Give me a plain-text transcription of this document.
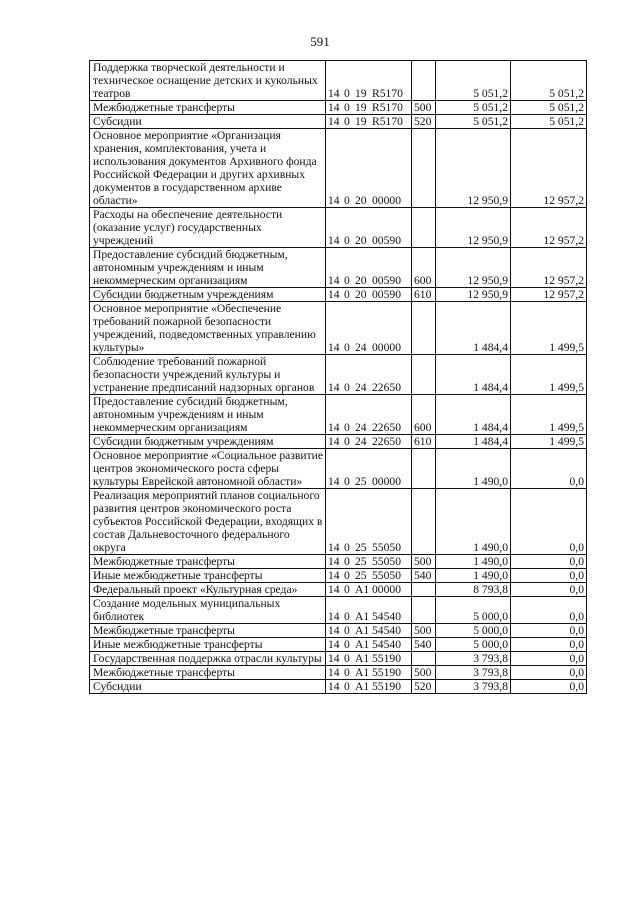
591
Поддержка творческой деятельности и техническое оснащение детских и кукольных театров	14 0 19 R5170		5 051,2	5 051,2
Межбюджетные трансферты	14 0 19 R5170	500	5 051,2	5 051,2
Субсидии	14 0 19 R5170	520	5 051,2	5 051,2
Основное мероприятие «Организация хранения, комплектования, учета и использования документов Архивного фонда Российской Федерации и других архивных документов в государственном архиве области»	14 0 20 00000		12 950,9	12 957,2
Расходы на обеспечение деятельности (оказание услуг) государственных учреждений	14 0 20 00590		12 950,9	12 957,2
Предоставление субсидий бюджетным, автономным учреждениям и иным некоммерческим организациям	14 0 20 00590	600	12 950,9	12 957,2
Субсидии бюджетным учреждениям	14 0 20 00590	610	12 950,9	12 957,2
Основное мероприятие «Обеспечение требований пожарной безопасности учреждений, подведомственных управлению культуры»	14 0 24 00000		1 484,4	1 499,5
Соблюдение требований пожарной безопасности учреждений культуры и устранение предписаний надзорных органов	14 0 24 22650		1 484,4	1 499,5
Предоставление субсидий бюджетным, автономным учреждениям и иным некоммерческим организациям	14 0 24 22650	600	1 484,4	1 499,5
Субсидии бюджетным учреждениям	14 0 24 22650	610	1 484,4	1 499,5
Основное мероприятие «Социальное развитие центров экономического роста сферы культуры Еврейской автономной области»	14 0 25 00000		1 490,0	0,0
Реализация мероприятий планов социального развития центров экономического роста субъектов Российской Федерации, входящих в состав Дальневосточного федерального округа	14 0 25 55050		1 490,0	0,0
Межбюджетные трансферты	14 0 25 55050	500	1 490,0	0,0
Иные межбюджетные трансферты	14 0 25 55050	540	1 490,0	0,0
Федеральный проект «Культурная среда»	14 0 A1 00000		8 793,8	0,0
Создание модельных муниципальных библиотек	14 0 A1 54540		5 000,0	0,0
Межбюджетные трансферты	14 0 A1 54540	500	5 000,0	0,0
Иные межбюджетные трансферты	14 0 A1 54540	540	5 000,0	0,0
Государственная поддержка отрасли культуры	14 0 A1 55190		3 793,8	0,0
Межбюджетные трансферты	14 0 A1 55190	500	3 793,8	0,0
Субсидии	14 0 A1 55190	520	3 793,8	0,0
